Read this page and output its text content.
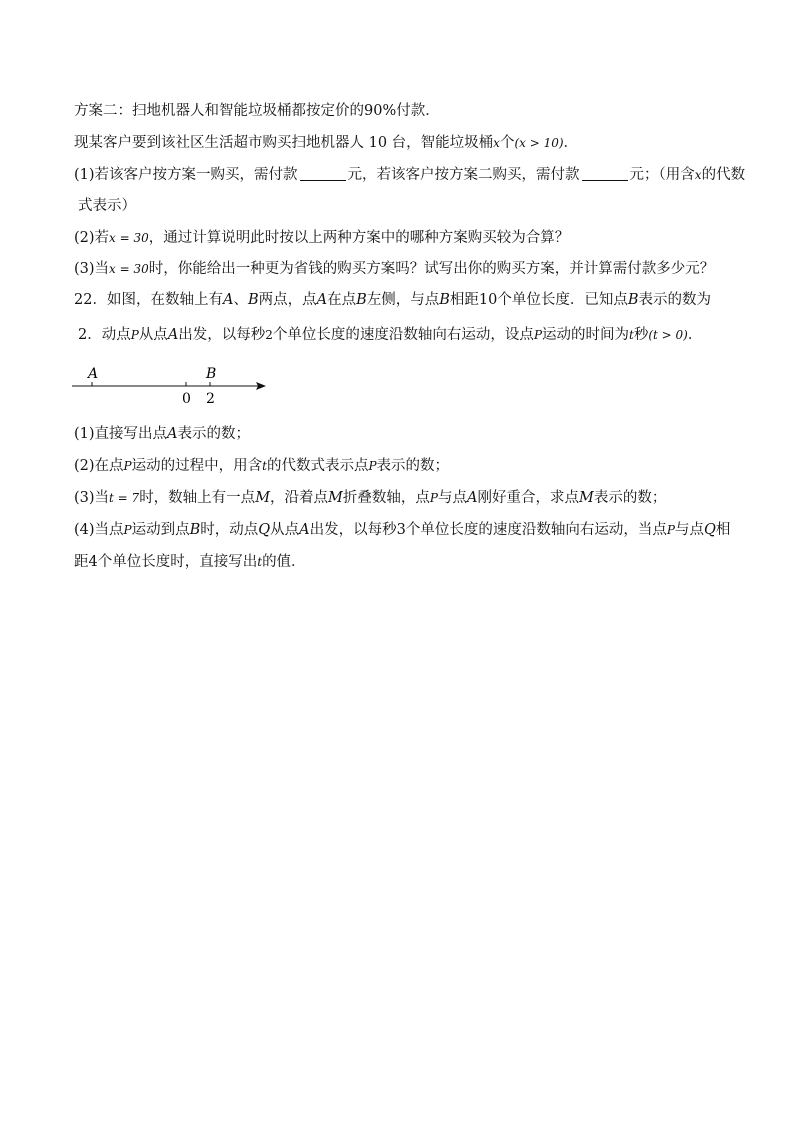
方案二：扫地机器人和智能垃圾桶都按定价的90%付款．
现某客户要到该社区生活超市购买扫地机器人 10 台，智能垃圾桶x个(x > 10)．
(1)若该客户按方案一购买，需付款	元，若该客户按方案二购买，需付款	元；（用含x的代数
式表示）
(2)若x = 30，通过计算说明此时按以上两种方案中的哪种方案购买较为合算？
(3)当x = 30时，你能给出一种更为省钱的购买方案吗？试写出你的购买方案，并计算需付款多少元？
22．如图，在数轴上有A、B两点，点A在点B左侧，与点B相距10个单位长度．已知点B表示的数为
2．动点P从点A出发，以每秒2个单位长度的速度沿数轴向右运动，设点P运动的时间为t秒(t > 0)．
A	B
0 2
(1)直接写出点A表示的数；
(2)在点P运动的过程中，用含t的代数式表示点P表示的数；
(3)当t = 7时，数轴上有一点M，沿着点M折叠数轴，点P与点A刚好重合，求点M表示的数；
(4)当点P运动到点B时，动点Q从点A出发，以每秒3个单位长度的速度沿数轴向右运动，当点P与点Q相
距4个单位长度时，直接写出t的值．
